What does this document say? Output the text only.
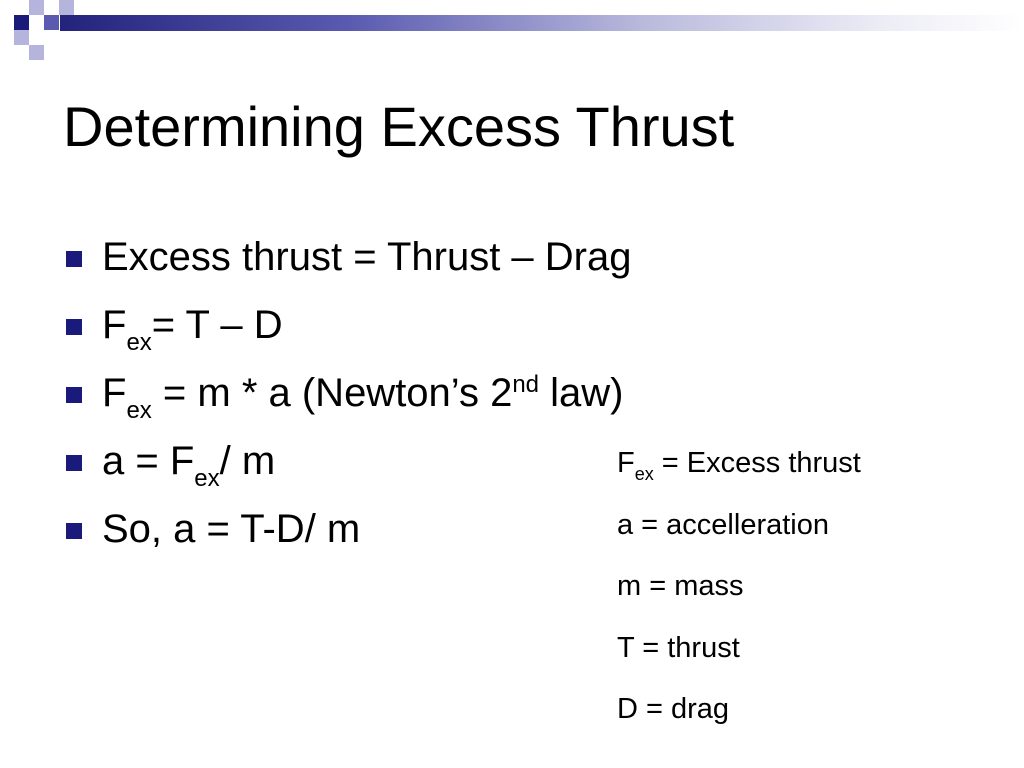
Determining Excess Thrust
Excess thrust = Thrust – Drag
$F_{ex}= T - D$
$F_{ex} = m * a$ (Newton’s 2nd law)
$a = F_{ex}/$ m
So, a = T-D/ m
$F_{ex}$ = Excess thrust
a = accelleration
m = mass
T = thrust
D = drag
